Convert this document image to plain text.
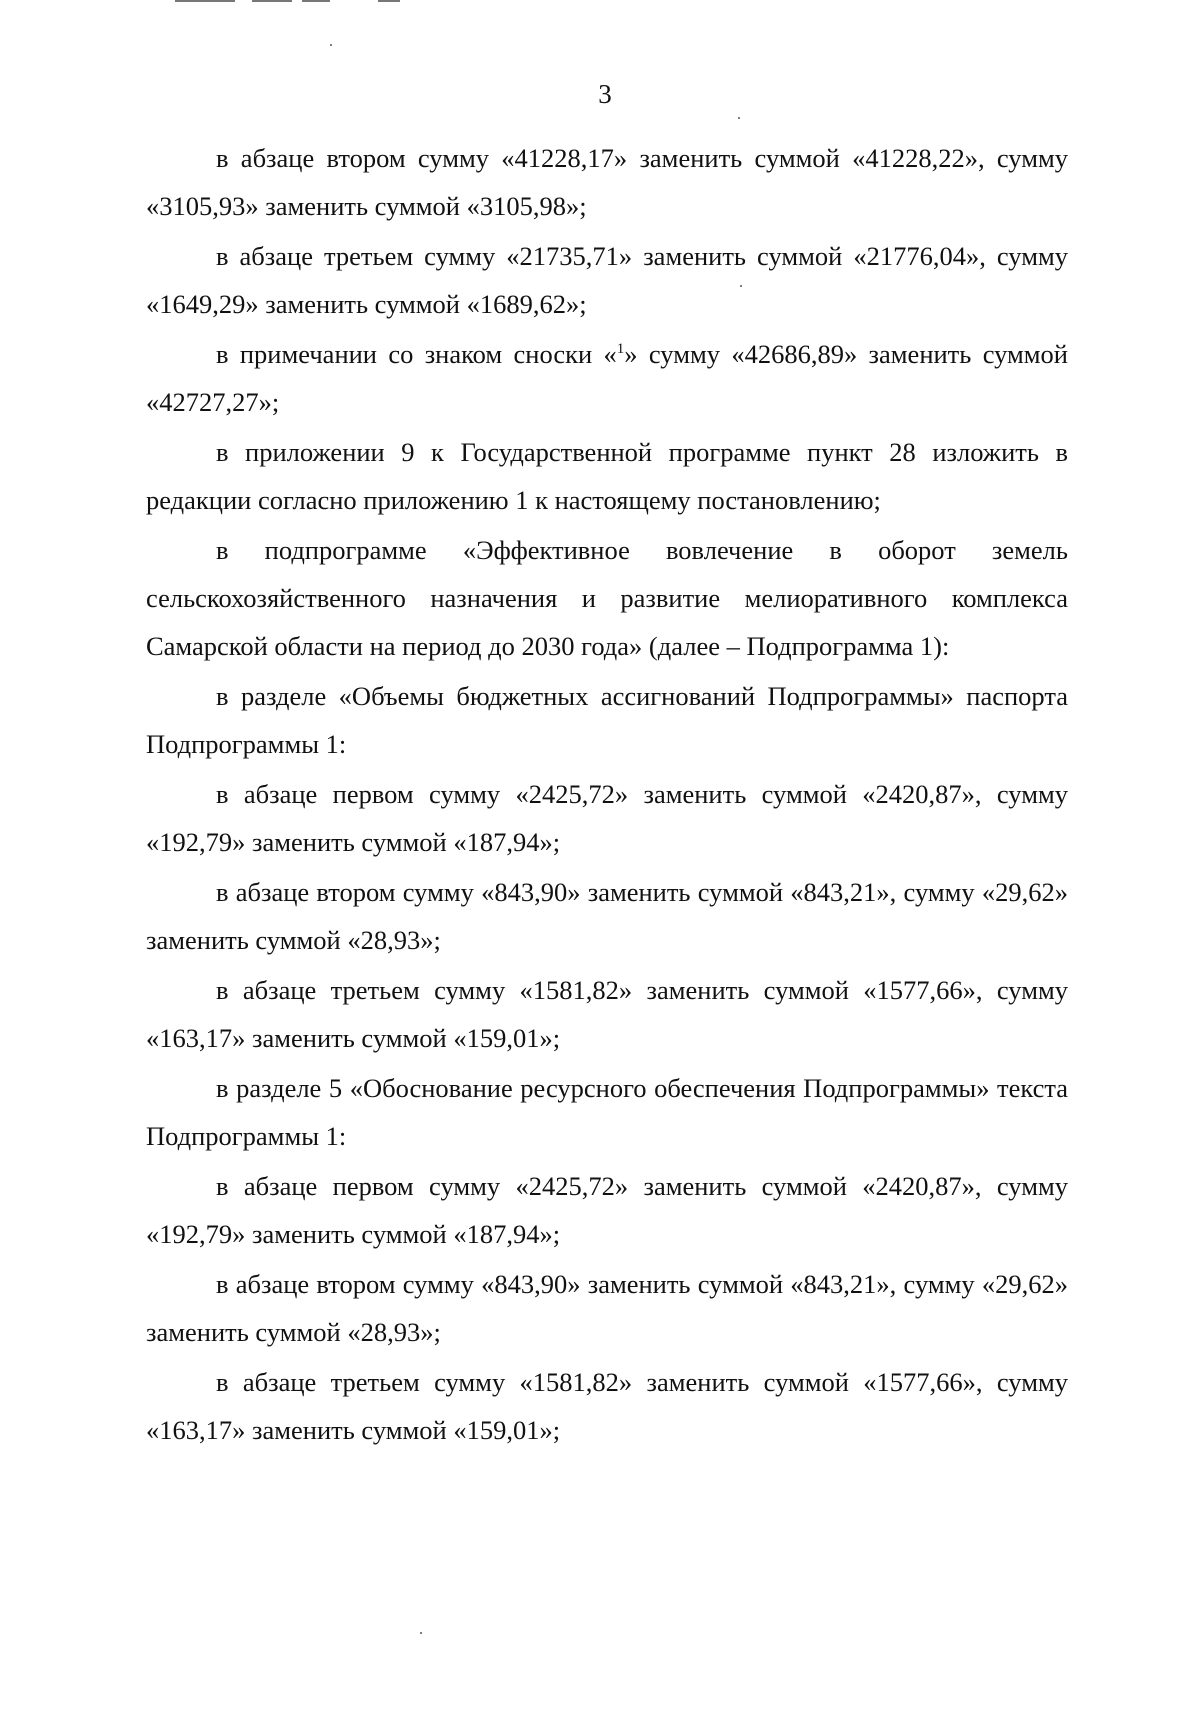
3

в абзаце втором сумму «41228,17» заменить суммой «41228,22», сумму «3105,93» заменить суммой «3105,98»;

в абзаце третьем сумму «21735,71» заменить суммой «21776,04», сумму «1649,29» заменить суммой «1689,62»;

в примечании со знаком сноски «$^1$» сумму «42686,89» заменить суммой «42727,27»;

в приложении 9 к Государственной программе пункт 28 изложить в редакции согласно приложению 1 к настоящему постановлению;

в подпрограмме «Эффективное вовлечение в оборот земель сельскохозяйственного назначения и развитие мелиоративного комплекса Самарской области на период до 2030 года» (далее – Подпрограмма 1):

в разделе «Объемы бюджетных ассигнований Подпрограммы» паспорта Подпрограммы 1:

в абзаце первом сумму «2425,72» заменить суммой «2420,87», сумму «192,79» заменить суммой «187,94»;

в абзаце втором сумму «843,90» заменить суммой «843,21», сумму «29,62» заменить суммой «28,93»;

в абзаце третьем сумму «1581,82» заменить суммой «1577,66», сумму «163,17» заменить суммой «159,01»;

в разделе 5 «Обоснование ресурсного обеспечения Подпрограммы» текста Подпрограммы 1:

в абзаце первом сумму «2425,72» заменить суммой «2420,87», сумму «192,79» заменить суммой «187,94»;

в абзаце втором сумму «843,90» заменить суммой «843,21», сумму «29,62» заменить суммой «28,93»;

в абзаце третьем сумму «1581,82» заменить суммой «1577,66», сумму «163,17» заменить суммой «159,01»;
